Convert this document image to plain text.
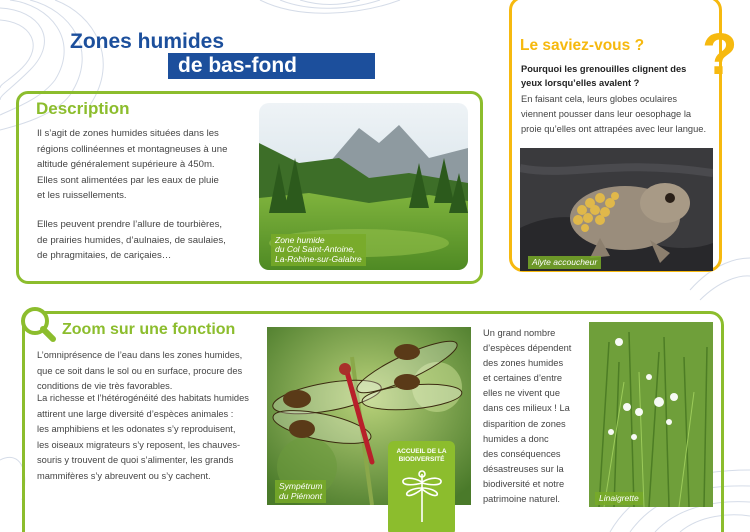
Zones humides
de bas-fond
Description
Il s’agit de zones humides situées dans les
régions collinéennes et montagneuses à une
altitude généralement supérieure à 450m.
Elles sont alimentées par les eaux de pluie
et les ruissellements.
Elles peuvent prendre l’allure de tourbières,
de prairies humides, d’aulnaies, de saulaies,
de phragmitaies, de cariçaies…
Zone humide
du Col Saint-Antoine,
La-Robine-sur-Galabre
?
Le saviez-vous ?
Pourquoi les grenouilles clignent des
yeux lorsqu’elles avalent ?
En faisant cela, leurs globes oculaires
viennent pousser dans leur oesophage la
proie qu’elles ont attrapées avec leur langue.
Alyte accoucheur
Zoom sur une fonction
L’omniprésence de l’eau dans les zones humides,
que ce soit dans le sol ou en surface, procure des
conditions de vie très favorables.
La richesse et l’hétérogénéité des habitats humides
attirent une large diversité d’espèces animales :
les amphibiens et les odonates s’y reproduisent,
les oiseaux migrateurs s’y reposent, les chauves-
souris y trouvent de quoi s’alimenter, les grands
mammifères s’y abreuvent ou s’y cachent.
Sympétrum
du Piémont
ACCUEIL DE LA
BIODIVERSITÉ
Un grand nombre
d’espèces dépendent
des zones humides
et certaines d’entre
elles ne vivent que
dans ces milieux ! La
disparition de zones
humides a donc
des conséquences
désastreuses sur la
biodiversité et notre
patrimoine naturel.	Linaigrette
